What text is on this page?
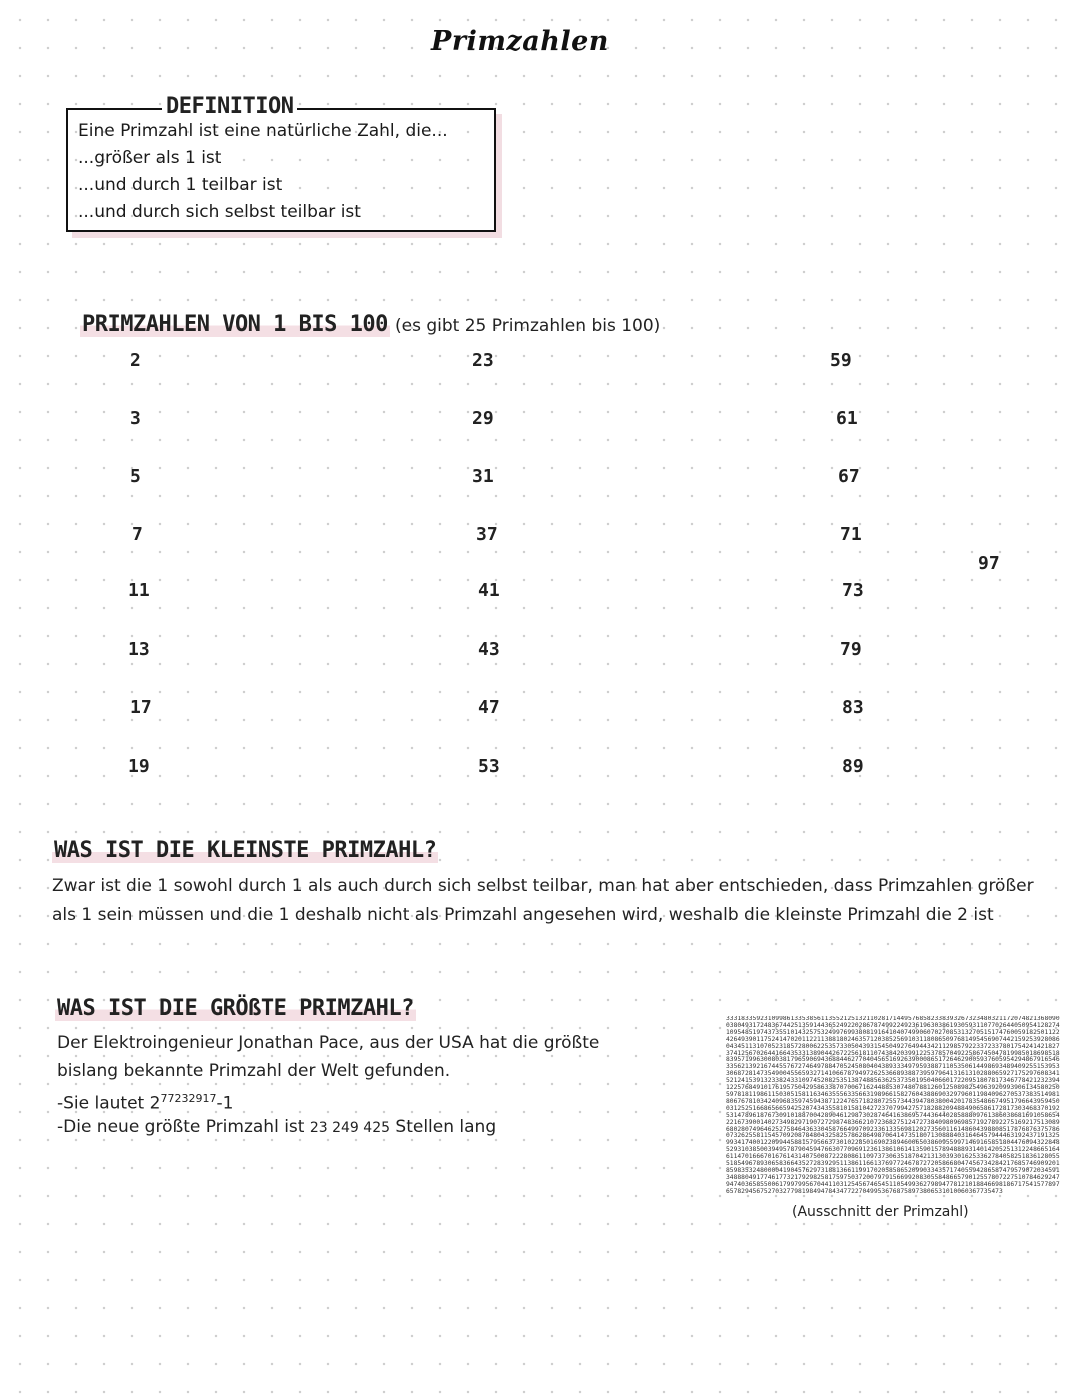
Primzahlen
DEFINITION
Eine Primzahl ist eine natürliche Zahl, die...
...größer als 1 ist
...und durch 1 teilbar ist
...und durch sich selbst teilbar ist
PRIMZAHLEN VON 1 BIS 100 (es gibt 25 Primzahlen bis 100)
2
3
5
7
11
13
17
19
23
29
31
37
41
43
47
53
59
61
67
71
73
79
83
89
97
WAS IST DIE KLEINSTE PRIMZAHL?
Zwar ist die 1 sowohl durch 1 als auch durch sich selbst teilbar, man hat aber entschieden, dass Primzahlen größer als 1 sein müssen und die 1 deshalb nicht als Primzahl angesehen wird, weshalb die kleinste Primzahl die 2 ist
WAS IST DIE GRÖßTE PRIMZAHL?
Der Elektroingenieur Jonathan Pace, aus der USA hat die größte
bislang bekannte Primzahl der Welt gefunden.
-Sie lautet $2^{77232917}-1$
-Die neue größte Primzahl ist 23 249 425 Stellen lang
33318335923109986133538561135521251321102817144957685823383932673234803211720748213680900380493172483674425135914436524922028678749922492361963038619305931107702644050954128274109548519743735510143257532499769938081916410407499060702708531327051517476005918250112242649390117524147020112211388180246357120385256910311808650976814954569074421592539280860434511310705231857280062253573305043931545049276494434211298579223372337801754241421827374125670264416643533138904426722561811074384203991225378570492258674504781998501869851883957199630080381796590694368844627704045651692639000865172646290059376059542948679165463356213921674455767274649788470524508040438933349795938871105350614498693489409255153953306872814735490045565932714106678794972625366893887395979641316131028806592717529760834152124153913233824331097452082535138748856362537350195040660172209518078173467784212323941225768491017619575042958633870700671624488530748078812601250898254963920993906134580250597818119861150305158116346355563356631989661582760438869032979601198409627053738351498180676781034240968359745943871224765718280725573443947803800420178354866749517966439594500312525166865665942520743435581015810427237079942757182882094884906586172817303468370192531478961876730910188700428904612987302874641638695744364402858880976138603868169105865422167390014027349829719072729874836621072368275124727384098096985719278922751692175130896802807496462527584643633045876649970923361335698120273560116148604398808517876876375786073262558115457092087848043258257862864987064147351807130888403164645794446319243719132599341740012209944588157956637301022850169023894600650386095599714691658518044760943228485293103850039495787904594766307709691236138610614135901578948889314014205251312248665164611470166670167614314075008722280861109737306351870421313039301625336278405825183612805551854967893065836643527283929511386116613769772467872720586680474567342842176857469092018598353248000041904576297318813661199170205858652099033435717405594286587479579072034591348880491774617732179298258175975037200797915669920830558486657901255780722751078462924794740365855006179979956704411031254567465451105499362798947781210188466981867175415778976578294567527032779819849478434772270499536768758973806531010060367735473
(Ausschnitt der Primzahl)
